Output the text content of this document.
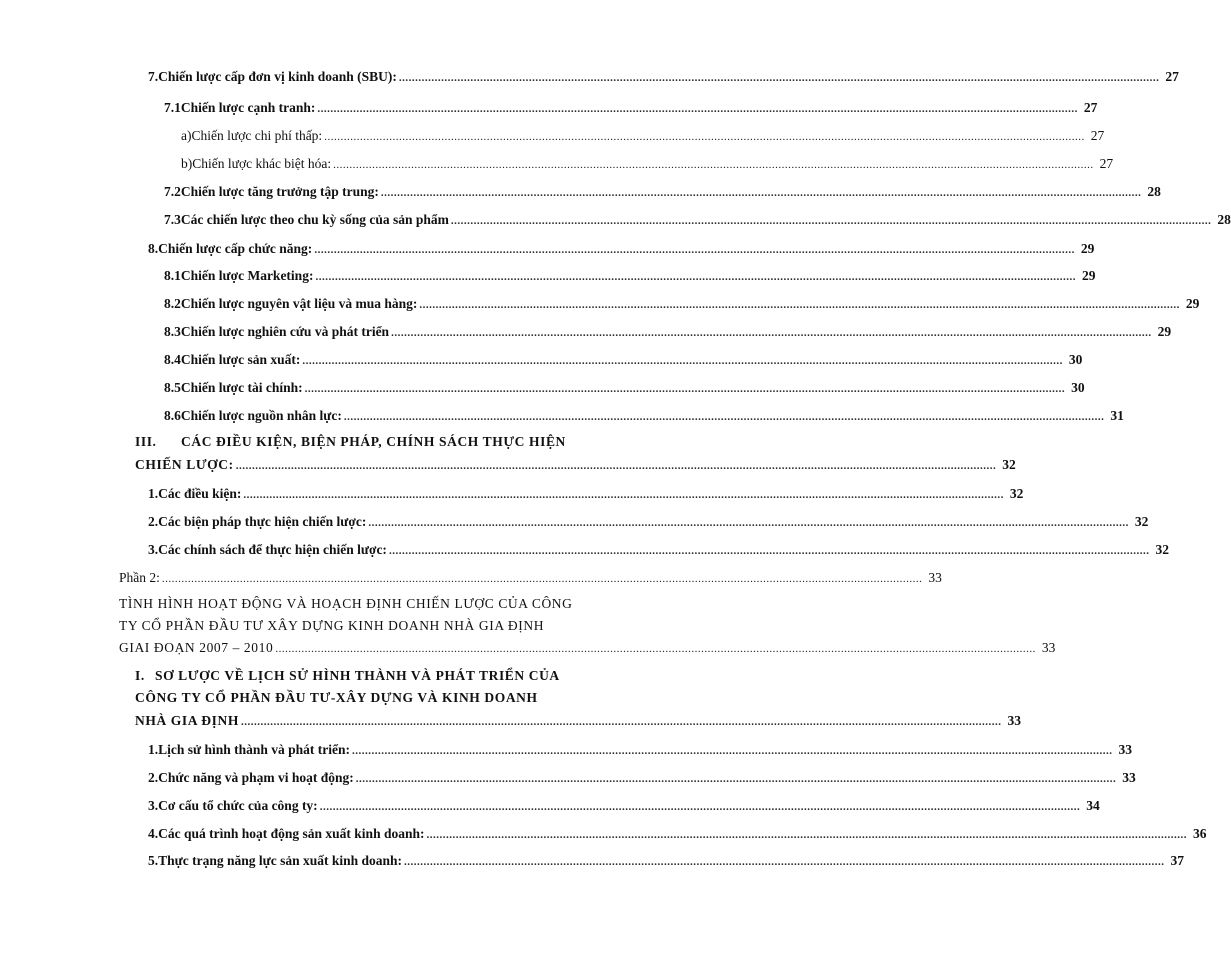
7. Chiến lược cấp đơn vị kinh doanh (SBU): .....	27
7.1 Chiến lược cạnh tranh: .....	27
a) Chiến lược chi phí thấp: .....	27
b) Chiến lược khác biệt hóa: .....	27
7.2 Chiến lược tăng trưởng tập trung: .....	28
7.3 Các chiến lược theo chu kỳ sống của sản phẩm .....	28
8. Chiến lược cấp chức năng: .....	29
8.1 Chiến lược Marketing: .....	29
8.2 Chiến lược nguyên vật liệu và mua hàng: .....	29
8.3 Chiến lược nghiên cứu và phát triển .....	29
8.4 Chiến lược sản xuất: .....	30
8.5 Chiến lược tài chính: .....	30
8.6 Chiến lược nguồn nhân lực: .....	31
III. CÁC ĐIỀU KIỆN, BIỆN PHÁP, CHÍNH SÁCH THỰC HIỆN
CHIẾN LƯỢC: .....	32
1. Các điều kiện: .....	32
2. Các biện pháp thực hiện chiến lược: .....	32
3. Các chính sách để thực hiện chiến lược: .....	32
Phần 2: .....	33
TÌNH HÌNH HOẠT ĐỘNG VÀ HOẠCH ĐỊNH CHIẾN LƯỢC CỦA CÔNG
TY CỔ PHẦN ĐẦU TƯ XÂY DỰNG KINH DOANH NHÀ GIA ĐỊNH
GIAI ĐOẠN 2007 – 2010 .....	33
I. SƠ LƯỢC VỀ LỊCH SỬ HÌNH THÀNH VÀ PHÁT TRIỂN CỦA
CÔNG TY CỔ PHẦN ĐẦU TƯ-XÂY DỰNG VÀ KINH DOANH
NHÀ GIA ĐỊNH .....	33
1. Lịch sử hình thành và phát triển: .....	33
2. Chức năng và phạm vi hoạt động: .....	33
3. Cơ cấu tổ chức của công ty: .....	34
4. Các quá trình hoạt động sản xuất kinh doanh: .....	36
5. Thực trạng năng lực sản xuất kinh doanh: .....	37
